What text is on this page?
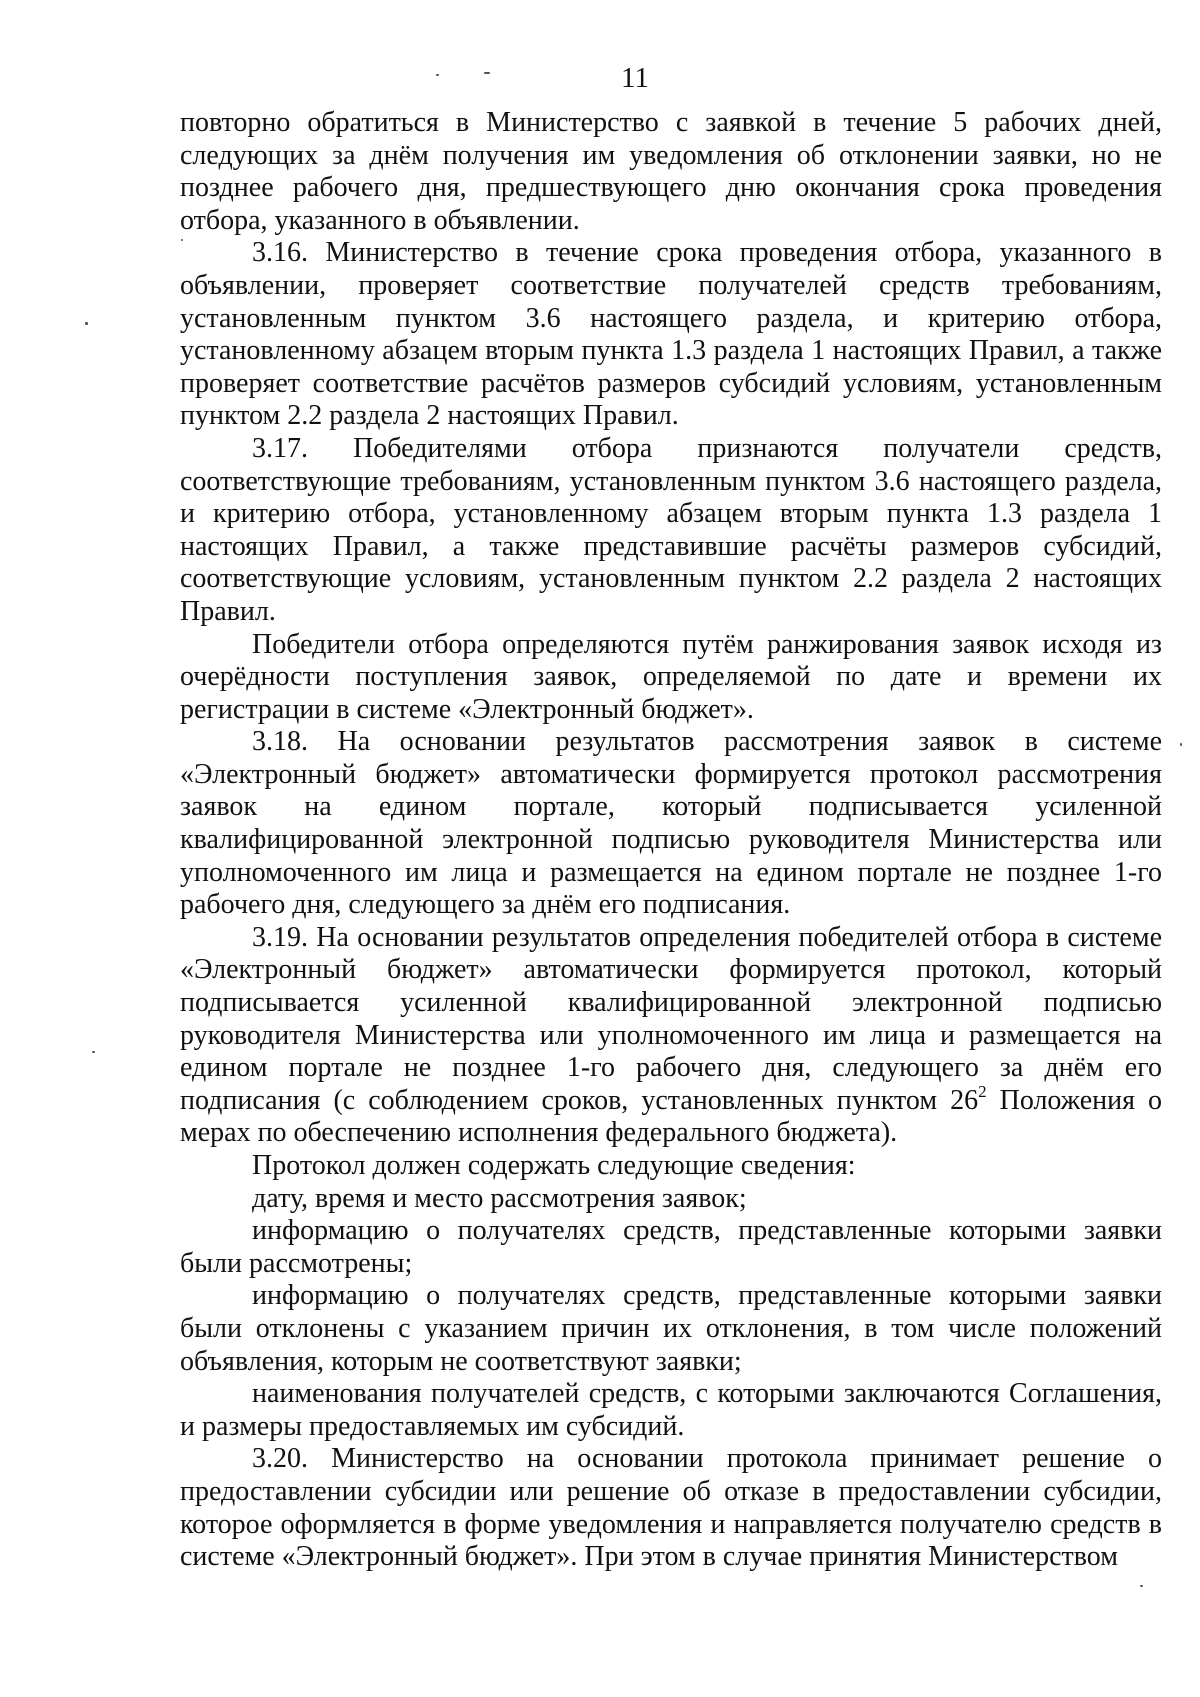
11

повторно обратиться в Министерство с заявкой в течение 5 рабочих дней, следующих за днём получения им уведомления об отклонении заявки, но не позднее рабочего дня, предшествующего дню окончания срока проведения отбора, указанного в объявлении.

3.16. Министерство в течение срока проведения отбора, указанного в объявлении, проверяет соответствие получателей средств требованиям, установленным пунктом 3.6 настоящего раздела, и критерию отбора, установленному абзацем вторым пункта 1.3 раздела 1 настоящих Правил, а также проверяет соответствие расчётов размеров субсидий условиям, установленным пунктом 2.2 раздела 2 настоящих Правил.

3.17. Победителями отбора признаются получатели средств, соответствующие требованиям, установленным пунктом 3.6 настоящего раздела, и критерию отбора, установленному абзацем вторым пункта 1.3 раздела 1 настоящих Правил, а также представившие расчёты размеров субсидий, соответствующие условиям, установленным пунктом 2.2 раздела 2 настоящих Правил.

Победители отбора определяются путём ранжирования заявок исходя из очерёдности поступления заявок, определяемой по дате и времени их регистрации в системе «Электронный бюджет».

3.18. На основании результатов рассмотрения заявок в системе «Электронный бюджет» автоматически формируется протокол рассмотрения заявок на едином портале, который подписывается усиленной квалифицированной электронной подписью руководителя Министерства или уполномоченного им лица и размещается на едином портале не позднее 1-го рабочего дня, следующего за днём его подписания.

3.19. На основании результатов определения победителей отбора в системе «Электронный бюджет» автоматически формируется протокол, который подписывается усиленной квалифицированной электронной подписью руководителя Министерства или уполномоченного им лица и размещается на едином портале не позднее 1-го рабочего дня, следующего за днём его подписания (с соблюдением сроков, установленных пунктом $26^2$ Положения о мерах по обеспечению исполнения федерального бюджета).

Протокол должен содержать следующие сведения:

дату, время и место рассмотрения заявок;

информацию о получателях средств, представленные которыми заявки были рассмотрены;

информацию о получателях средств, представленные которыми заявки были отклонены с указанием причин их отклонения, в том числе положений объявления, которым не соответствуют заявки;

наименования получателей средств, с которыми заключаются Соглашения, и размеры предоставляемых им субсидий.

3.20. Министерство на основании протокола принимает решение о предоставлении субсидии или решение об отказе в предоставлении субсидии, которое оформляется в форме уведомления и направляется получателю средств в системе «Электронный бюджет». При этом в случае принятия Министерством
